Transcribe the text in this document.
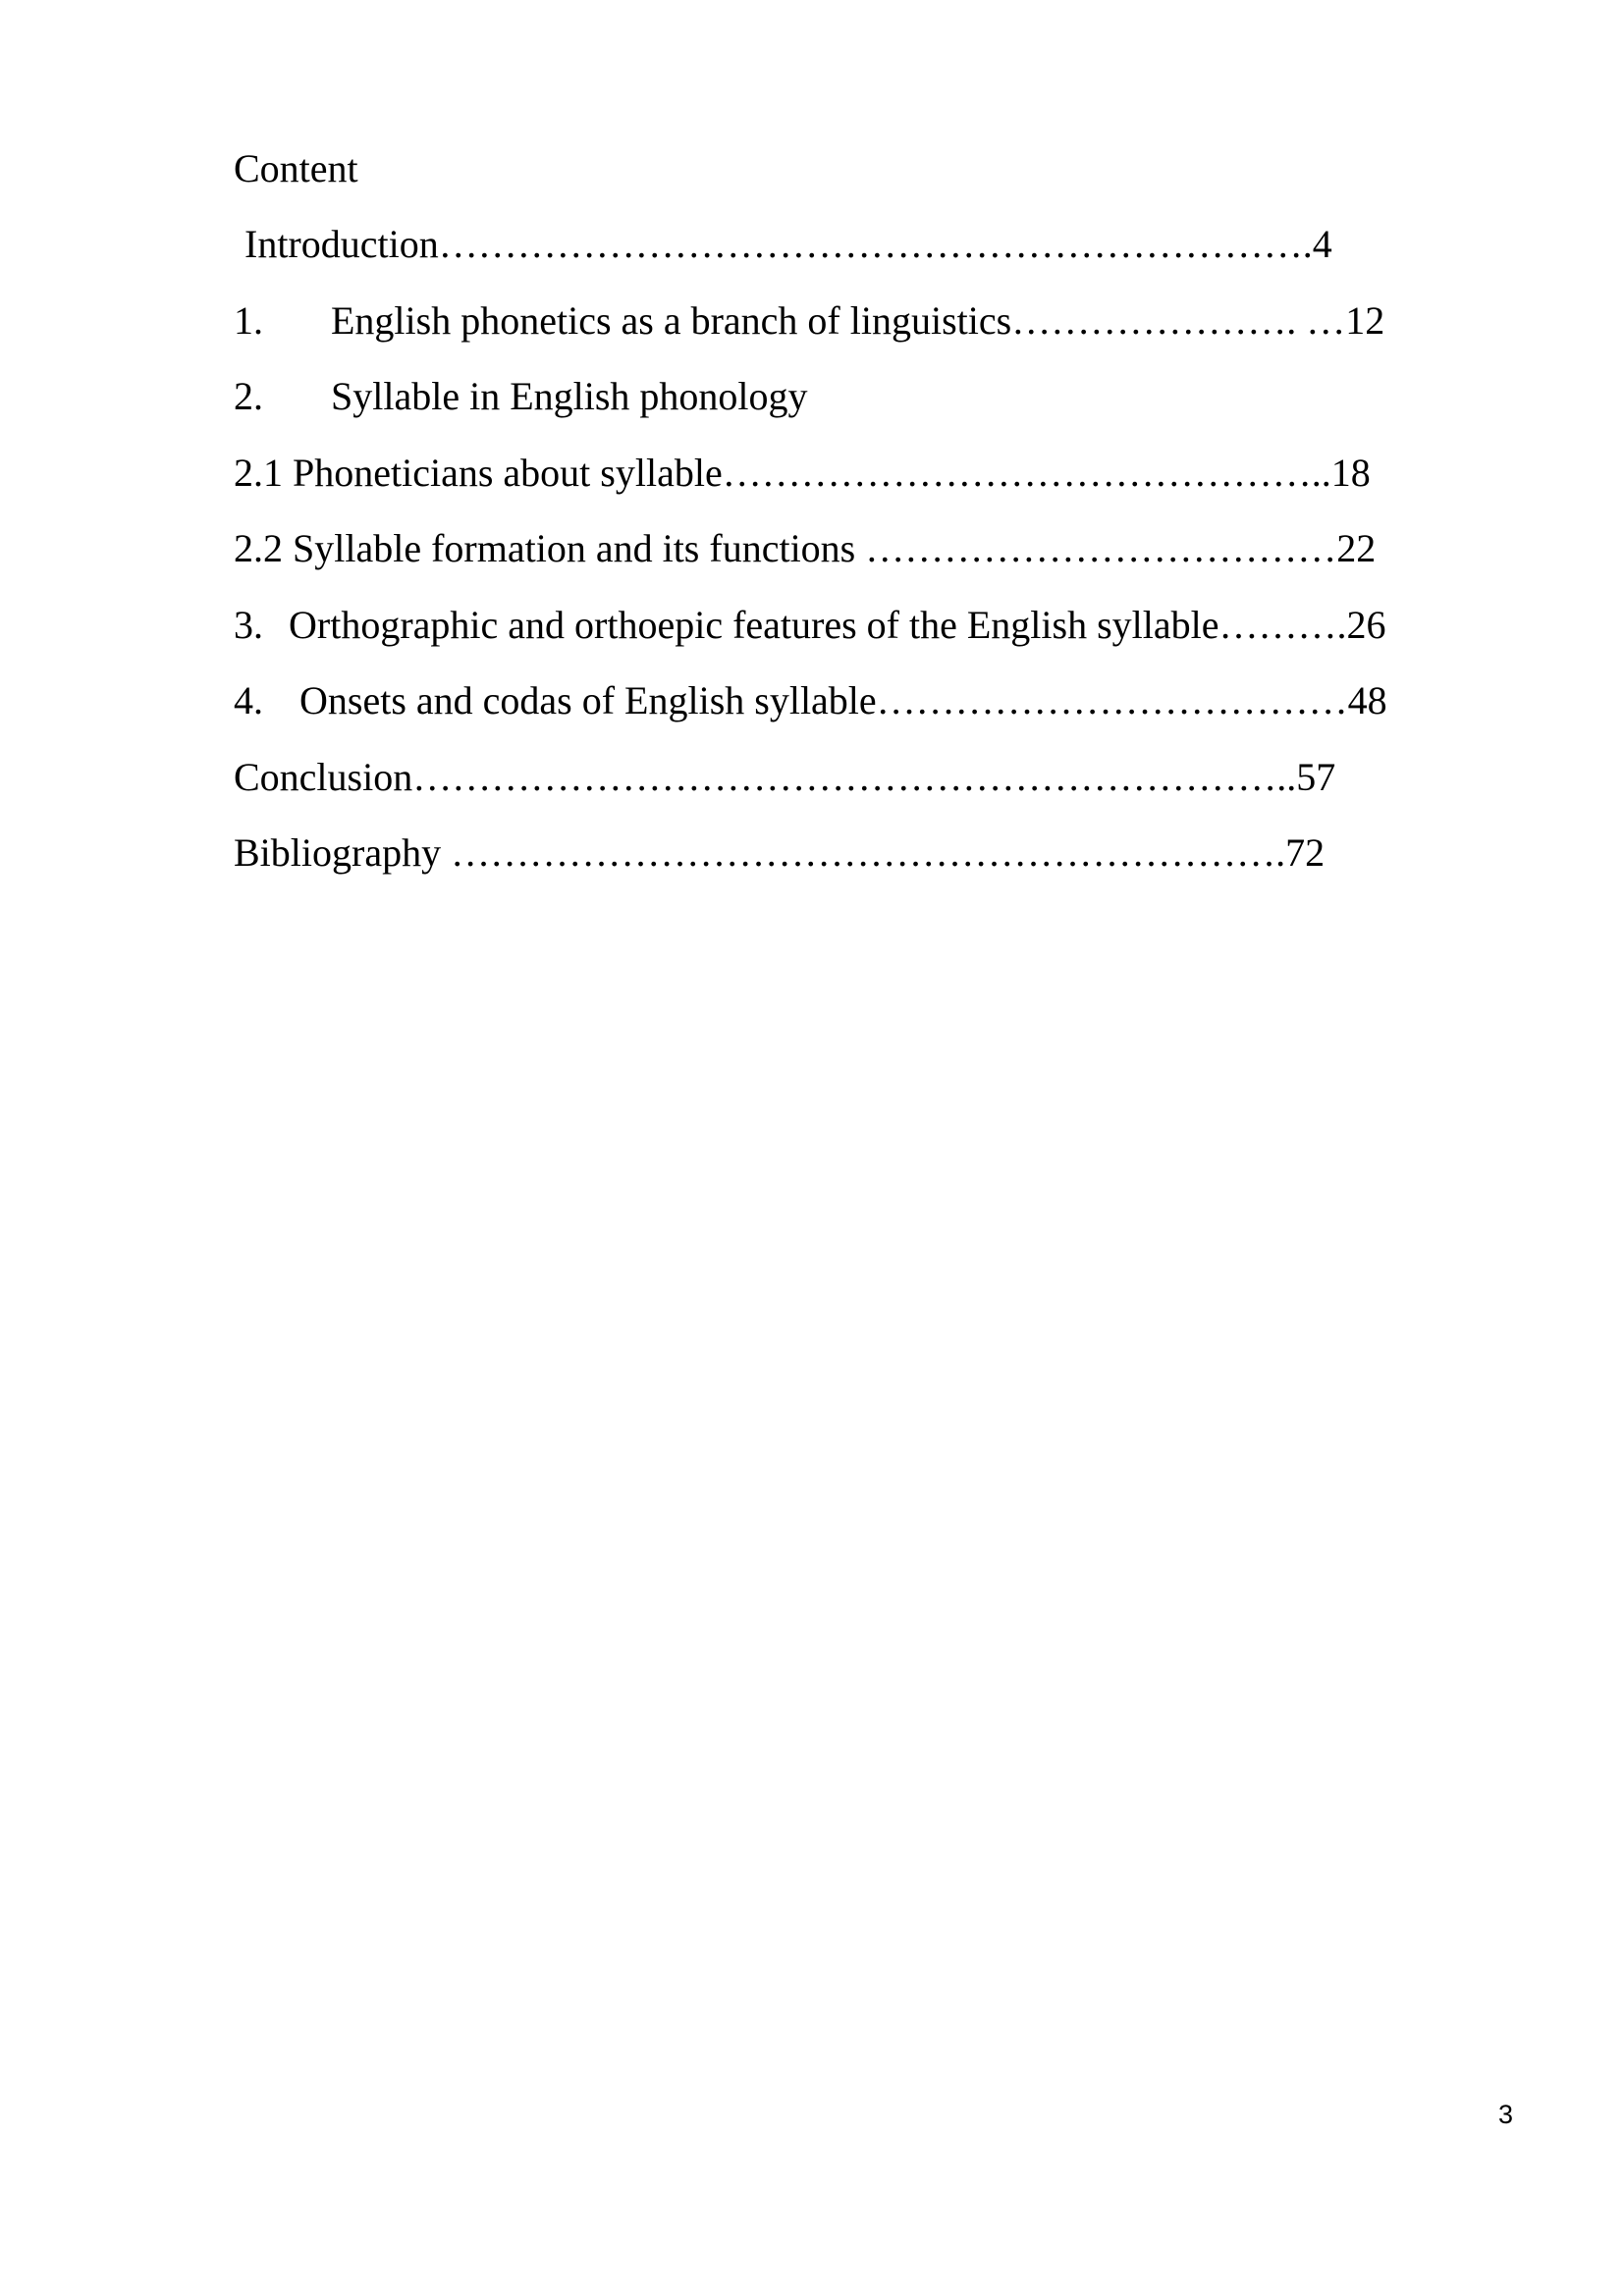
Content
Introduction………………………………………………………….4
1. English phonetics as a branch of linguistics…………………. …12
2. Syllable in English phonology
2.1 Phoneticians about syllable………………………………………..18
2.2 Syllable formation and its functions ………………………………22
3. Orthographic and orthoepic features of the English syllable……….26
4. Onsets and codas of English syllable………………………………48
Conclusion…………………………………………………………..57
Bibliography ……………………………………………………….72
3
